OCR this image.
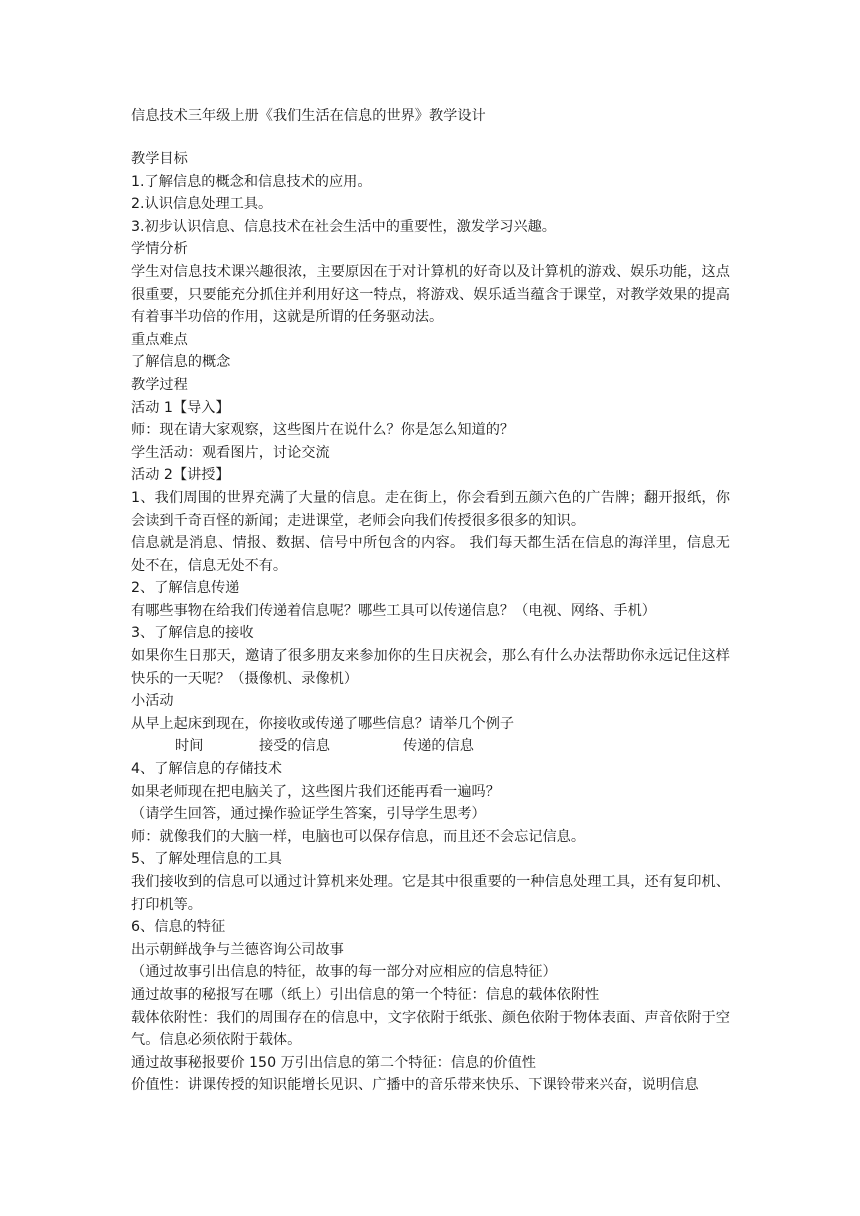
信息技术三年级上册《我们生活在信息的世界》教学设计

教学目标

1.了解信息的概念和信息技术的应用。

2.认识信息处理工具。

3.初步认识信息、信息技术在社会生活中的重要性，激发学习兴趣。

学情分析

学生对信息技术课兴趣很浓，主要原因在于对计算机的好奇以及计算机的游戏、娱乐功能，这点很重要，只要能充分抓住并利用好这一特点，将游戏、娱乐适当蕴含于课堂，对教学效果的提高有着事半功倍的作用，这就是所谓的任务驱动法。

重点难点

了解信息的概念

教学过程

活动 1【导入】

师：现在请大家观察，这些图片在说什么？你是怎么知道的？

学生活动：观看图片，讨论交流

活动 2【讲授】

1、我们周围的世界充满了大量的信息。走在街上，你会看到五颜六色的广告牌；翻开报纸，你会读到千奇百怪的新闻；走进课堂，老师会向我们传授很多很多的知识。

信息就是消息、情报、数据、信号中所包含的内容。 我们每天都生活在信息的海洋里，信息无处不在，信息无处不有。

2、了解信息传递

有哪些事物在给我们传递着信息呢？哪些工具可以传递信息？（电视、网络、手机）

3、了解信息的接收

如果你生日那天，邀请了很多朋友来参加你的生日庆祝会，那么有什么办法帮助你永远记住这样快乐的一天呢？（摄像机、录像机）

小活动

从早上起床到现在，你接收或传递了哪些信息？请举几个例子

时间	接受的信息	传递的信息

4、了解信息的存储技术

如果老师现在把电脑关了，这些图片我们还能再看一遍吗？

（请学生回答，通过操作验证学生答案，引导学生思考）

师：就像我们的大脑一样，电脑也可以保存信息，而且还不会忘记信息。

5、了解处理信息的工具

我们接收到的信息可以通过计算机来处理。它是其中很重要的一种信息处理工具，还有复印机、打印机等。

6、信息的特征

出示朝鲜战争与兰德咨询公司故事

（通过故事引出信息的特征，故事的每一部分对应相应的信息特征）

通过故事的秘报写在哪（纸上）引出信息的第一个特征：信息的载体依附性

载体依附性：我们的周围存在的信息中，文字依附于纸张、颜色依附于物体表面、声音依附于空气。信息必须依附于载体。

通过故事秘报要价 150 万引出信息的第二个特征：信息的价值性

价值性：讲课传授的知识能增长见识、广播中的音乐带来快乐、下课铃带来兴奋，说明信息
